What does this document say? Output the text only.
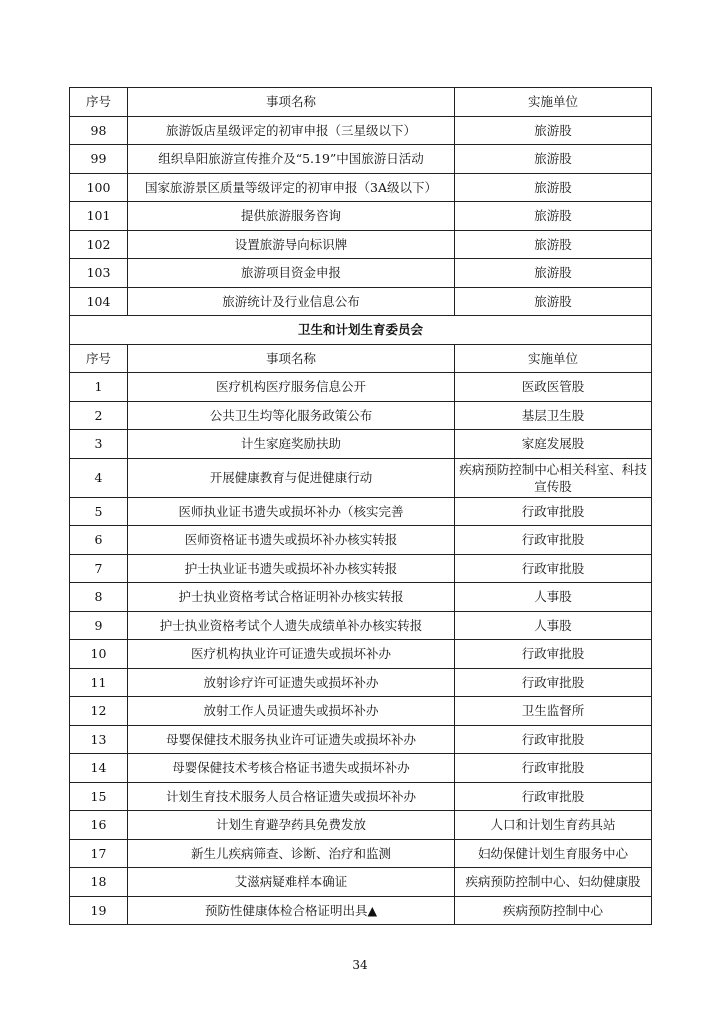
序号	事项名称	实施单位
98	旅游饭店星级评定的初审申报（三星级以下）	旅游股
99	组织阜阳旅游宣传推介及“5.19”中国旅游日活动	旅游股
100	国家旅游景区质量等级评定的初审申报（3A级以下）	旅游股
101	提供旅游服务咨询	旅游股
102	设置旅游导向标识牌	旅游股
103	旅游项目资金申报	旅游股
104	旅游统计及行业信息公布	旅游股
卫生和计划生育委员会		
序号	事项名称	实施单位
1	医疗机构医疗服务信息公开	医政医管股
2	公共卫生均等化服务政策公布	基层卫生股
3	计生家庭奖励扶助	家庭发展股
4	开展健康教育与促进健康行动	疾病预防控制中心相关科室、科技宣传股
5	医师执业证书遗失或损坏补办（核实完善	行政审批股
6	医师资格证书遗失或损坏补办核实转报	行政审批股
7	护士执业证书遗失或损坏补办核实转报	行政审批股
8	护士执业资格考试合格证明补办核实转报	人事股
9	护士执业资格考试个人遗失成绩单补办核实转报	人事股
10	医疗机构执业许可证遗失或损坏补办	行政审批股
11	放射诊疗许可证遗失或损坏补办	行政审批股
12	放射工作人员证遗失或损坏补办	卫生监督所
13	母婴保健技术服务执业许可证遗失或损坏补办	行政审批股
14	母婴保健技术考核合格证书遗失或损坏补办	行政审批股
15	计划生育技术服务人员合格证遗失或损坏补办	行政审批股
16	计划生育避孕药具免费发放	人口和计划生育药具站
17	新生儿疾病筛查、诊断、治疗和监测	妇幼保健计划生育服务中心
18	艾滋病疑难样本确证	疾病预防控制中心、妇幼健康股
19	预防性健康体检合格证明出具▲	疾病预防控制中心
34
